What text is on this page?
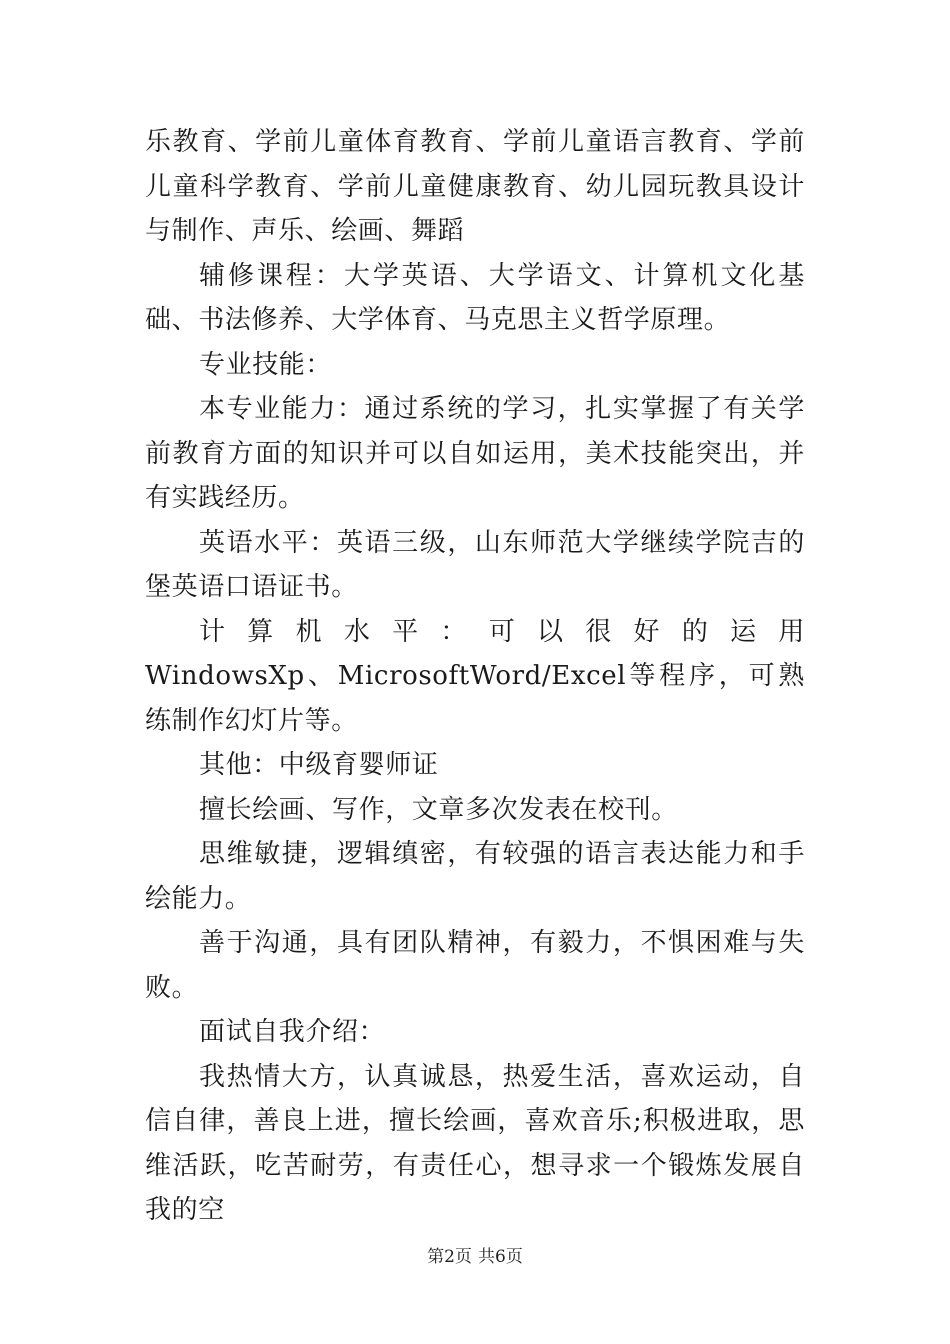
乐教育、学前儿童体育教育、学前儿童语言教育、学前儿童科学教育、学前儿童健康教育、幼儿园玩教具设计与制作、声乐、绘画、舞蹈

辅修课程：大学英语、大学语文、计算机文化基础、书法修养、大学体育、马克思主义哲学原理。

专业技能：

本专业能力：通过系统的学习，扎实掌握了有关学前教育方面的知识并可以自如运用，美术技能突出，并有实践经历。

英语水平：英语三级，山东师范大学继续学院吉的堡英语口语证书。

计算机水平：可以很好的运用

WindowsXp、MicrosoftWord/Excel等程序，可熟练制作幻灯片等。

其他：中级育婴师证

擅长绘画、写作，文章多次发表在校刊。

思维敏捷，逻辑缜密，有较强的语言表达能力和手绘能力。

善于沟通，具有团队精神，有毅力，不惧困难与失败。

面试自我介绍：

我热情大方，认真诚恳，热爱生活，喜欢运动，自信自律，善良上进，擅长绘画，喜欢音乐;积极进取，思维活跃，吃苦耐劳，有责任心，想寻求一个锻炼发展自我的空

第2页 共6页
